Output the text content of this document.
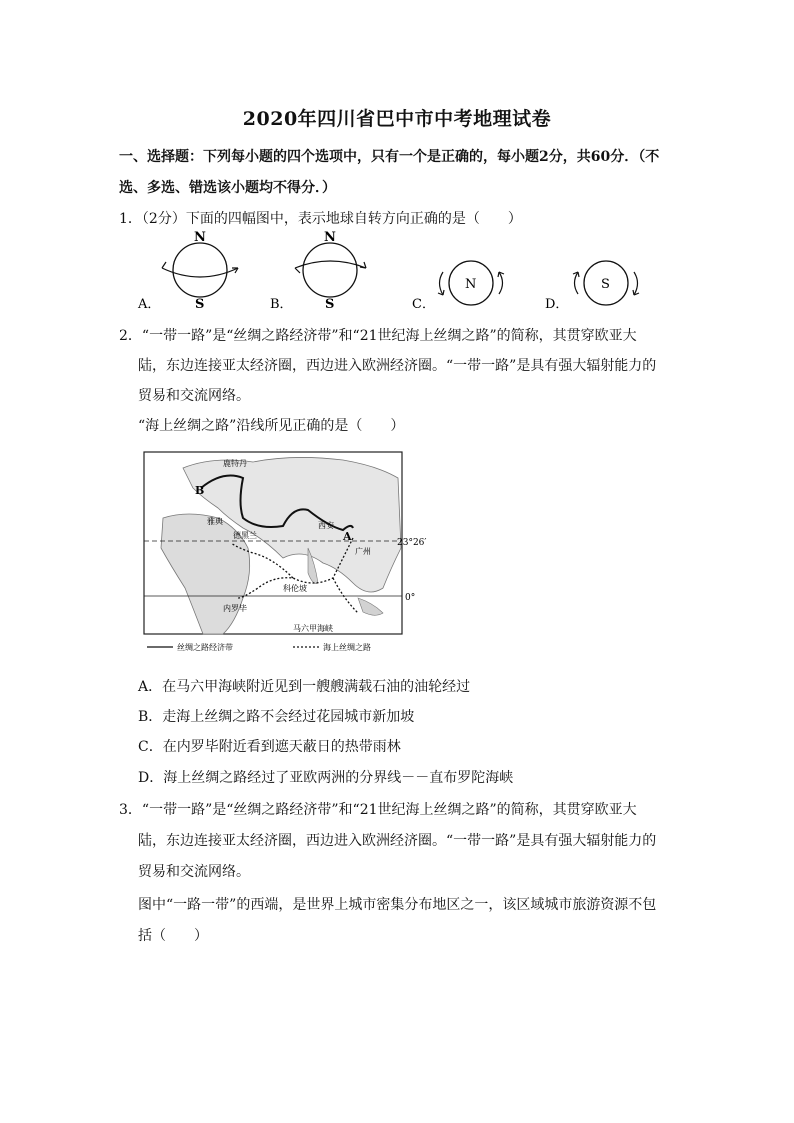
2020年四川省巴中市中考地理试卷
一、选择题：下列每小题的四个选项中，只有一个是正确的，每小题2分，共60分．（不
选、多选、错选该小题均不得分．）
1．（2分）下面的四幅图中，表示地球自转方向正确的是（　　）
A．
N
S	B．
N
S	C．
N
D．
S
2．“一带一路”是“丝绸之路经济带”和“21世纪海上丝绸之路”的简称，其贯穿欧亚大
陆，东边连接亚太经济圈，西边进入欧洲经济圈。“一带一路”是具有强大辐射能力的
贸易和交流网络。
“海上丝绸之路”沿线所见正确的是（　　）
鹿特丹
B
雅典
德黑兰
西安
A
广州
23°26′
0°
科伦坡
内罗毕
马六甲海峡
丝绸之路经济带	海上丝绸之路
A．在马六甲海峡附近见到一艘艘满载石油的油轮经过
B．走海上丝绸之路不会经过花园城市新加坡
C．在内罗毕附近看到遮天蔽日的热带雨林
D．海上丝绸之路经过了亚欧两洲的分界线－－直布罗陀海峡
3．“一带一路”是“丝绸之路经济带”和“21世纪海上丝绸之路”的简称，其贯穿欧亚大
陆，东边连接亚太经济圈，西边进入欧洲经济圈。“一带一路”是具有强大辐射能力的
贸易和交流网络。
图中“一路一带”的西端，是世界上城市密集分布地区之一，该区域城市旅游资源不包
括（　　）
